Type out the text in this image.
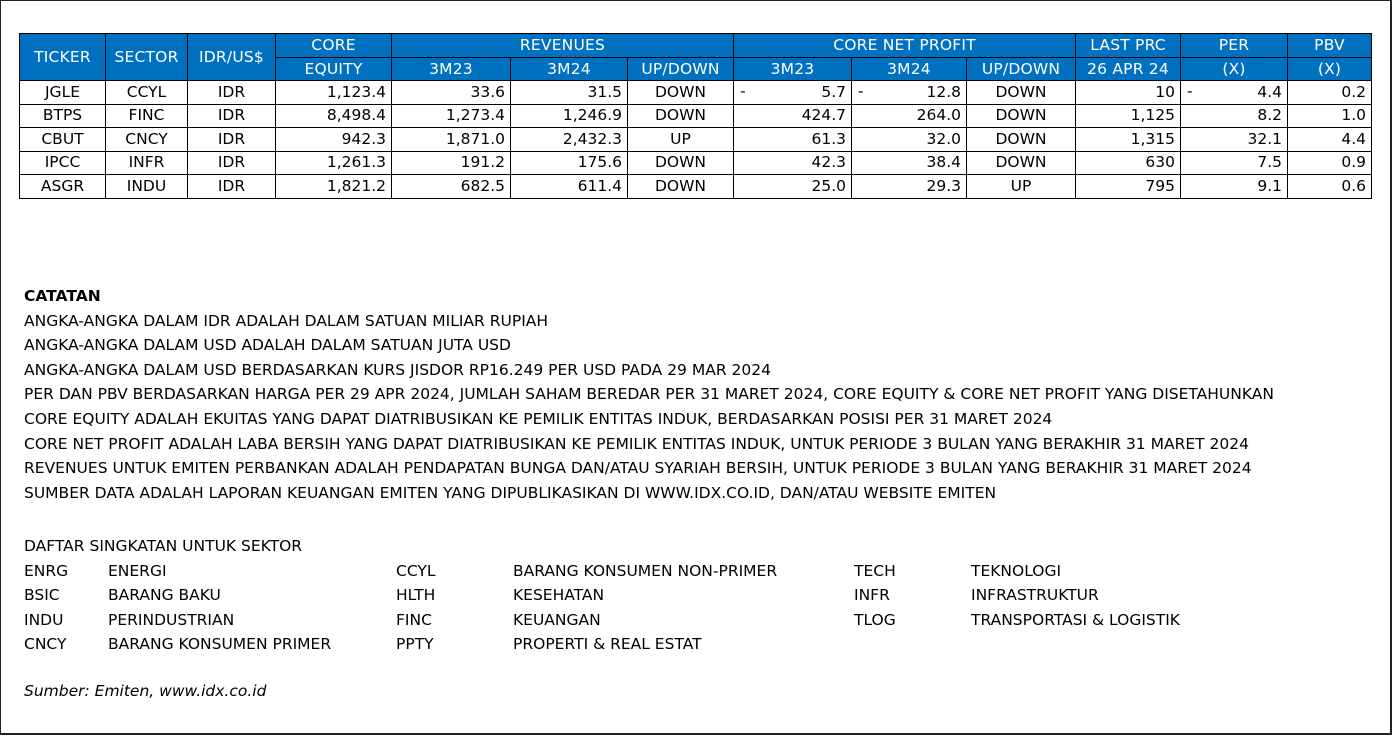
TICKER	SECTOR	IDR/US$	CORE	REVENUES			CORE NET PROFIT			LAST PRC	PER	PBV
			EQUITY	3M23	3M24	UP/DOWN	3M23	3M24	UP/DOWN	26 APR 24	(X)	(X)
JGLE	CCYL	IDR	1,123.4	33.6	31.5	DOWN	- 5.7	- 12.8	DOWN	10	- 4.4	0.2
BTPS	FINC	IDR	8,498.4	1,273.4	1,246.9	DOWN	424.7	264.0	DOWN	1,125	8.2	1.0
CBUT	CNCY	IDR	942.3	1,871.0	2,432.3	UP	61.3	32.0	DOWN	1,315	32.1	4.4
IPCC	INFR	IDR	1,261.3	191.2	175.6	DOWN	42.3	38.4	DOWN	630	7.5	0.9
ASGR	INDU	IDR	1,821.2	682.5	611.4	DOWN	25.0	29.3	UP	795	9.1	0.6
CATATAN
ANGKA-ANGKA DALAM IDR ADALAH DALAM SATUAN MILIAR RUPIAH
ANGKA-ANGKA DALAM USD ADALAH DALAM SATUAN JUTA USD
ANGKA-ANGKA DALAM USD BERDASARKAN KURS JISDOR RP16.249 PER USD PADA 29 MAR 2024
PER DAN PBV BERDASARKAN HARGA PER 29 APR 2024, JUMLAH SAHAM BEREDAR PER 31 MARET 2024, CORE EQUITY & CORE NET PROFIT YANG DISETAHUNKAN
CORE EQUITY ADALAH EKUITAS YANG DAPAT DIATRIBUSIKAN KE PEMILIK ENTITAS INDUK, BERDASARKAN POSISI PER 31 MARET 2024
CORE NET PROFIT ADALAH LABA BERSIH YANG DAPAT DIATRIBUSIKAN KE PEMILIK ENTITAS INDUK, UNTUK PERIODE 3 BULAN YANG BERAKHIR 31 MARET 2024
REVENUES UNTUK EMITEN PERBANKAN ADALAH PENDAPATAN BUNGA DAN/ATAU SYARIAH BERSIH, UNTUK PERIODE 3 BULAN YANG BERAKHIR 31 MARET 2024
SUMBER DATA ADALAH LAPORAN KEUANGAN EMITEN YANG DIPUBLIKASIKAN DI WWW.IDX.CO.ID, DAN/ATAU WEBSITE EMITEN
DAFTAR SINGKATAN UNTUK SEKTOR
ENRG	ENERGI
BSIC	BARANG BAKU
INDU	PERINDUSTRIAN
CNCY	BARANG KONSUMEN PRIMER
CCYL	BARANG KONSUMEN NON-PRIMER
HLTH	KESEHATAN
FINC	KEUANGAN
PPTY	PROPERTI & REAL ESTAT
TECH	TEKNOLOGI
INFR	INFRASTRUKTUR
TLOG	TRANSPORTASI & LOGISTIK
Sumber: Emiten, www.idx.co.id
